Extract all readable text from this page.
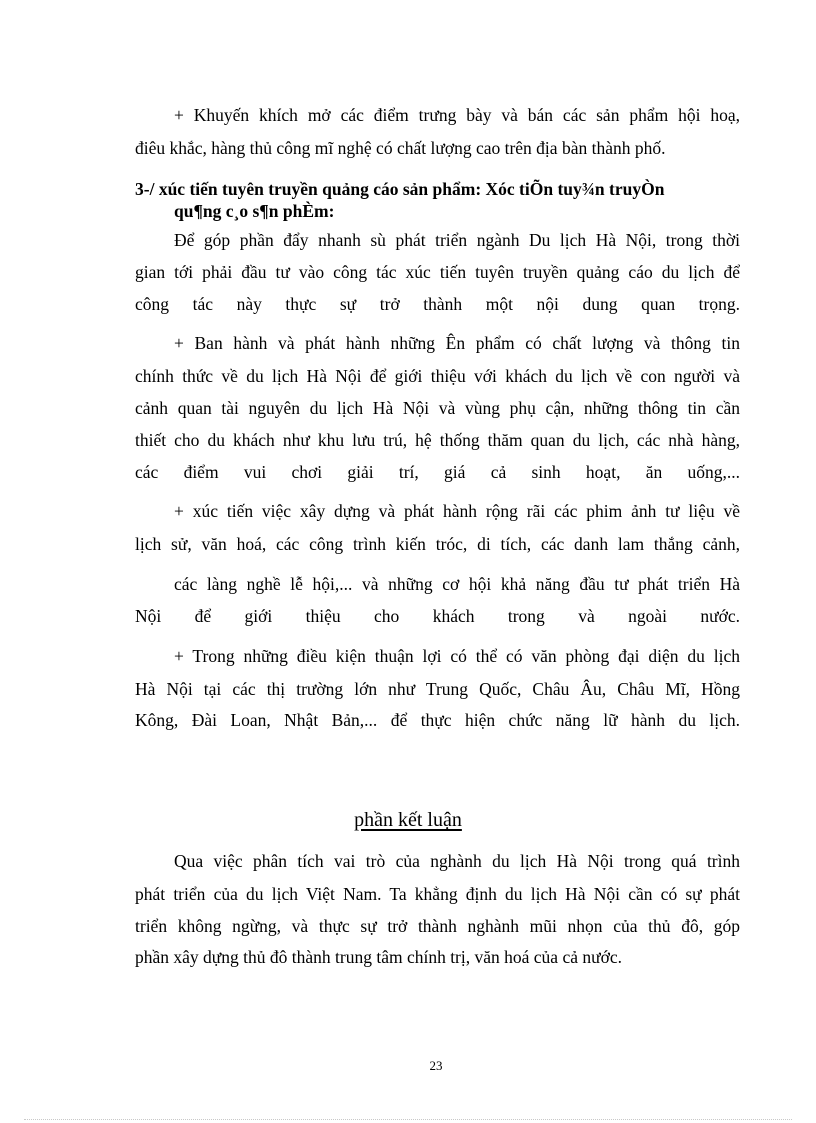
+ Khuyến khích mở các điểm trưng bày và bán các sản phẩm hội hoạ,

điêu khắc, hàng thủ công mĩ nghệ có chất lượng cao trên địa bàn thành phố.

3-/ xúc tiến tuyên truyền quảng cáo sản phẩm: Xóc tiÕn tuy¾n truyÒn

qu¶ng c¸o s¶n phÈm:

Để góp phần đẩy nhanh sù phát triển ngành Du lịch Hà Nội, trong thời

gian tới phải đầu tư vào công tác xúc tiến tuyên truyền quảng cáo du lịch để

công tác này thực sự trở thành một nội dung quan trọng.

+ Ban hành và phát hành những Ên phẩm có chất lượng và thông tin

chính thức về du lịch Hà Nội để giới thiệu với khách du lịch về con người và

cảnh quan tài nguyên du lịch Hà Nội và vùng phụ cận, những thông tin cần

thiết cho du khách như khu lưu trú, hệ thống thăm quan du lịch, các nhà hàng,

các điểm vui chơi giải trí, giá cả sinh hoạt, ăn uống,...

+ xúc tiến việc xây dựng và phát hành rộng rãi các phim ảnh tư liệu về

lịch sử, văn hoá, các công trình kiến tróc, di tích, các danh lam thắng cảnh,

các làng nghề lễ hội,... và những cơ hội khả năng đầu tư phát triển Hà

Nội để giới thiệu cho khách trong và ngoài nước.

+ Trong những điều kiện thuận lợi có thể có văn phòng đại diện du lịch

Hà Nội tại các thị trường lớn như Trung Quốc, Châu Âu, Châu Mĩ, Hồng

Kông, Đài Loan, Nhật Bản,... để thực hiện chức năng lữ hành du lịch.

phần kết luận

Qua việc phân tích vai trò của nghành du lịch Hà Nội trong quá trình

phát triển của du lịch Việt Nam. Ta khẳng định du lịch Hà Nội cần có sự phát

triển không ngừng, và thực sự trở thành nghành mũi nhọn của thủ đô, góp

phần xây dựng thủ đô thành trung tâm chính trị, văn hoá của cả nước.

23
